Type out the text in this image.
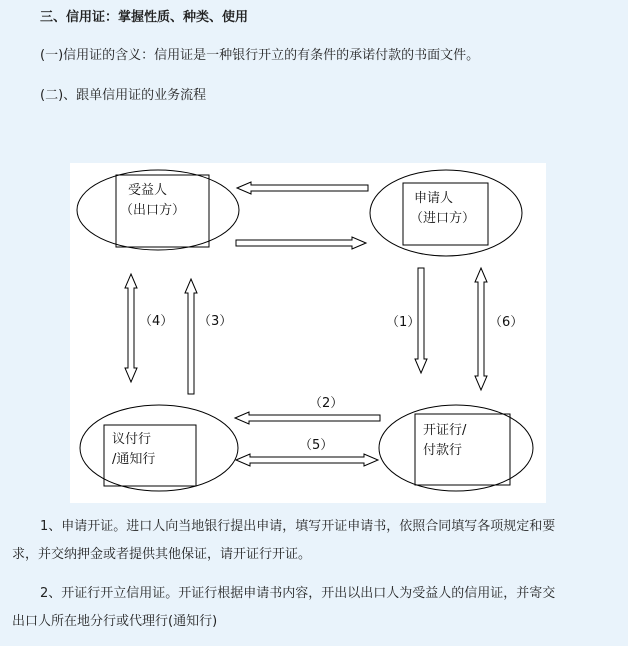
三、信用证：掌握性质、种类、使用
(一)信用证的含义：信用证是一种银行开立的有条件的承诺付款的书面文件。
(二)、跟单信用证的业务流程
受益人
（出口方）
申请人
（进口方）
议付行
/通知行
开证行/
付款行
（4） （3）	（1）	（6）
（2）
（5）
1、申请开证。进口人向当地银行提出申请，填写开证申请书，依照合同填写各项规定和要
求，并交纳押金或者提供其他保证，请开证行开证。
2、开证行开立信用证。开证行根据申请书内容，开出以出口人为受益人的信用证，并寄交
出口人所在地分行或代理行(通知行)
